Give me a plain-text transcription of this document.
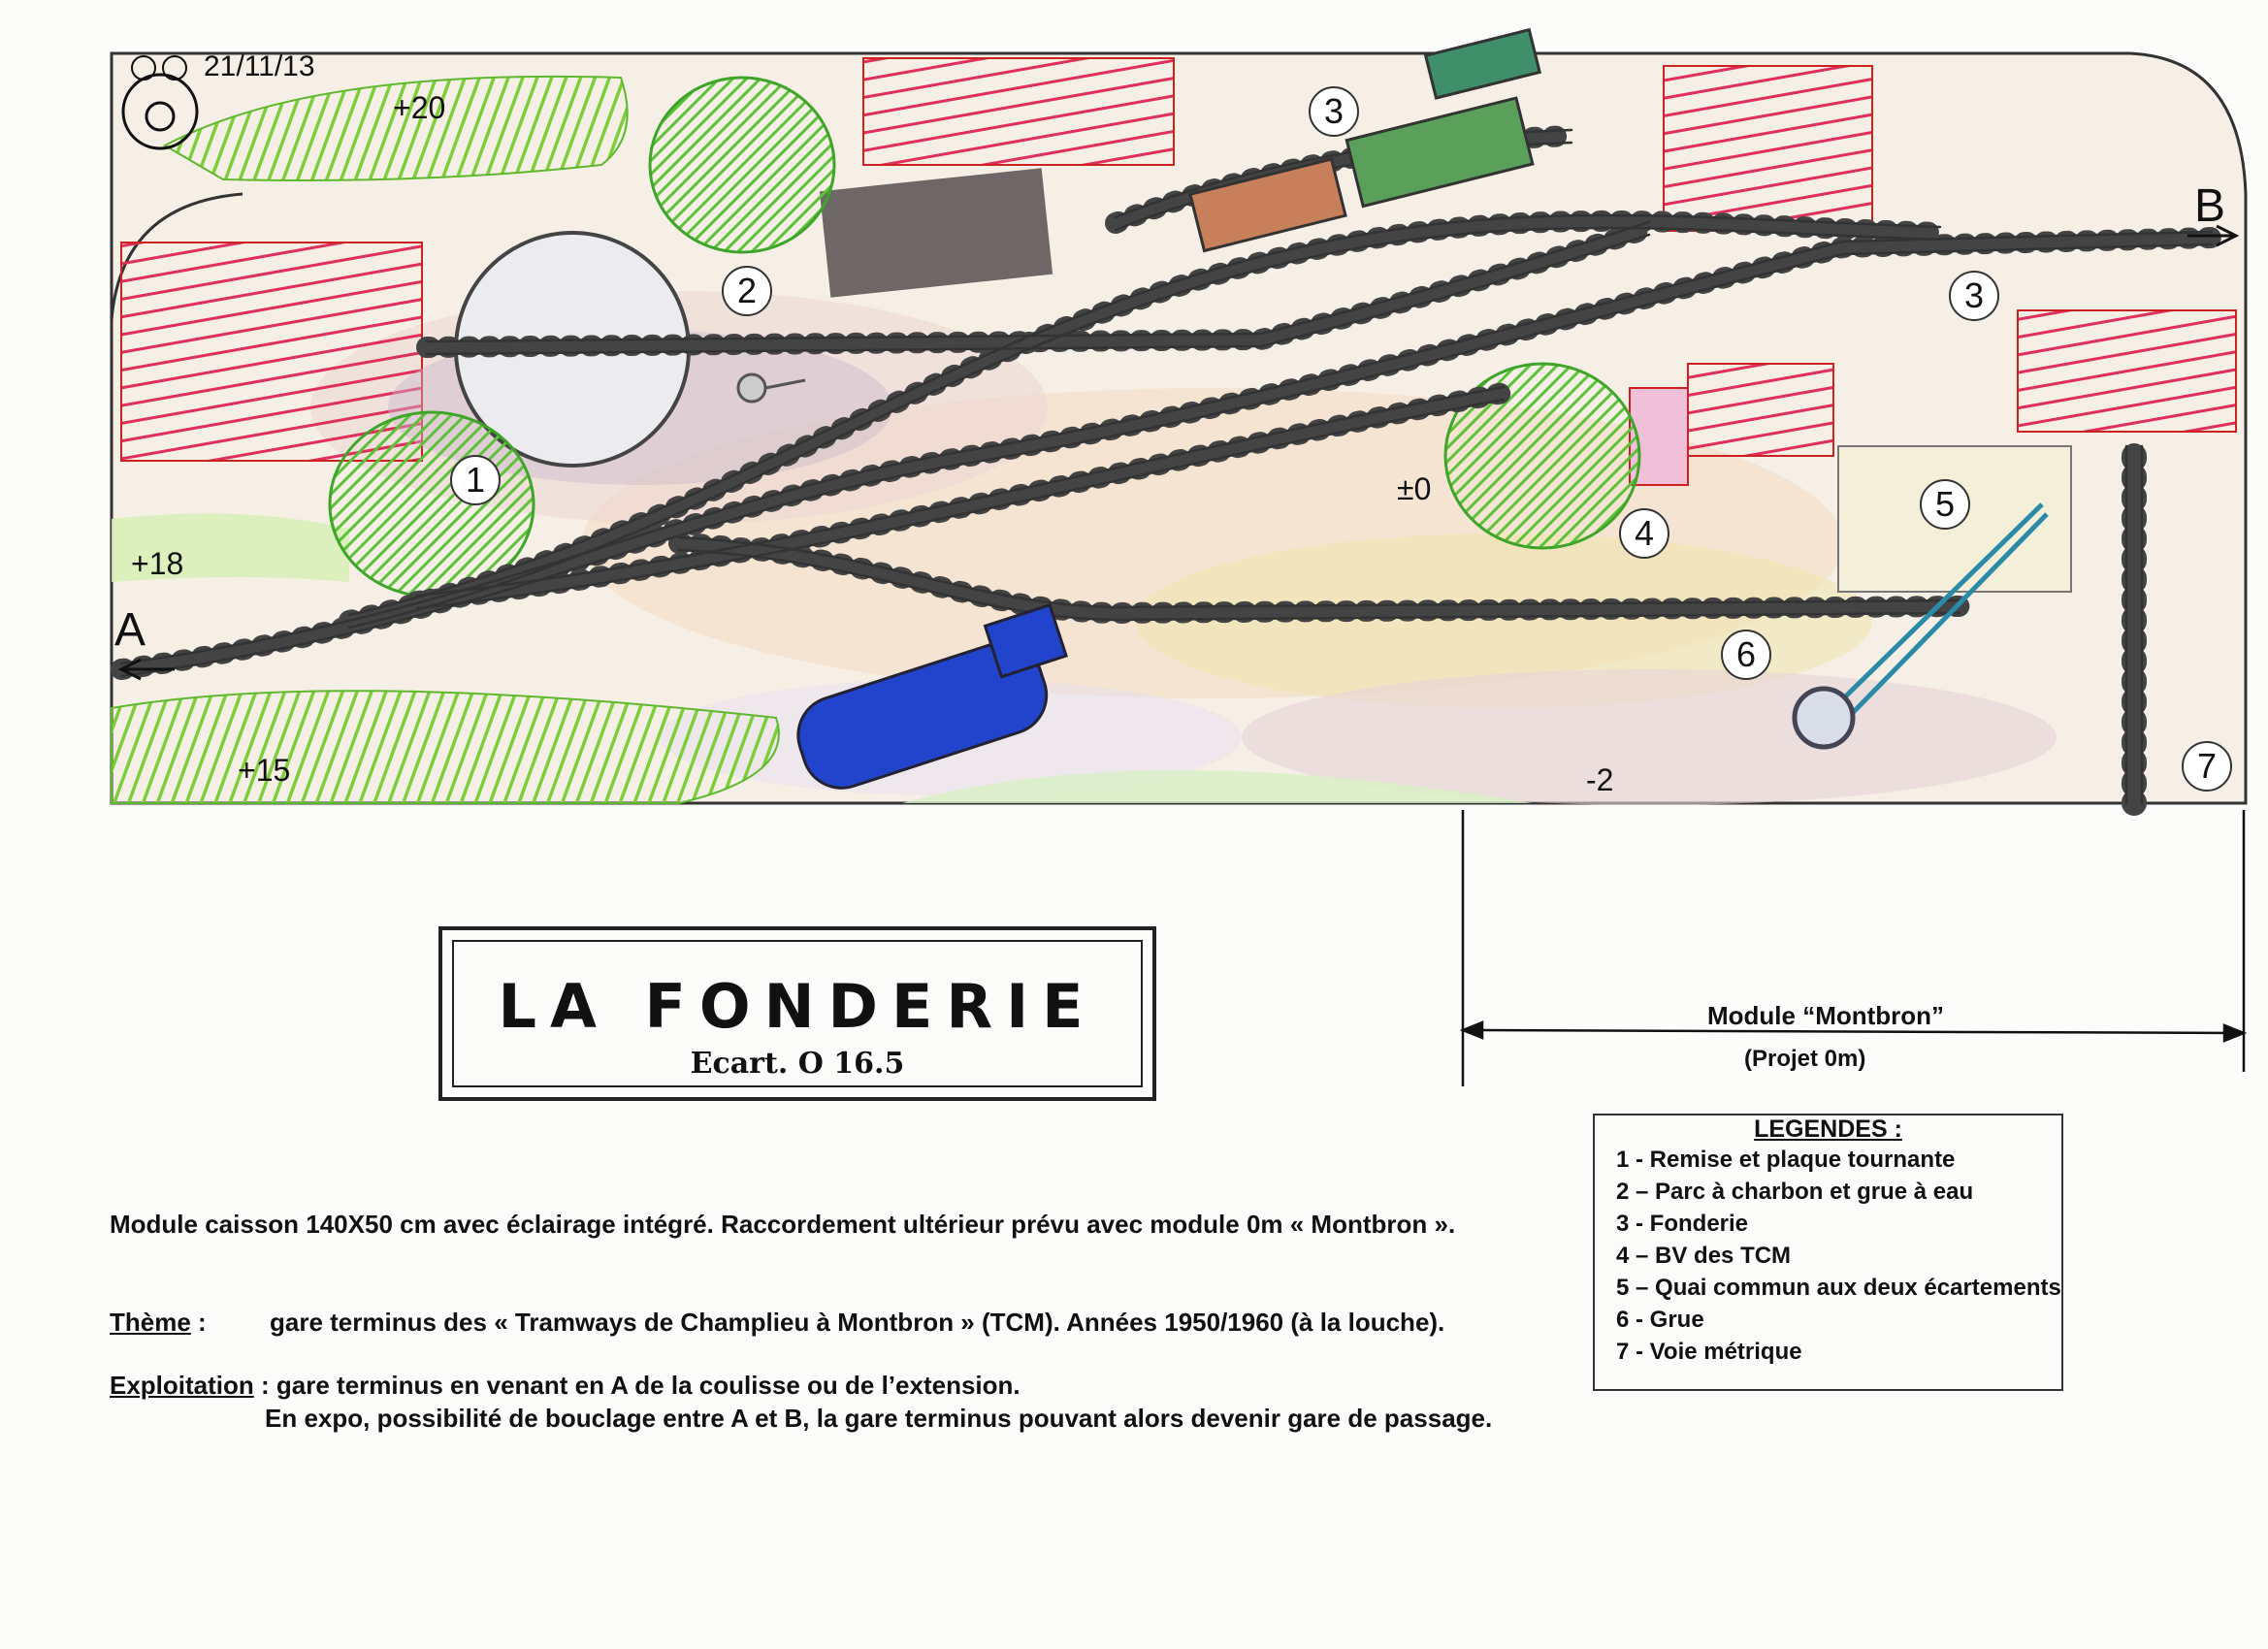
1
2
3
3
4
5
6
7
+20
+18
+15
±0
-2
A
B
21/11/13
LA FONDERIE
Ecart. O 16.5
Module “Montbron”
(Projet 0m)
LEGENDES :
1 - Remise et plaque tournante
2 – Parc à charbon et grue à eau
3 - Fonderie
4 – BV des TCM
5 – Quai commun aux deux écartements
6 - Grue
7 - Voie métrique
Module caisson 140X50 cm avec éclairage intégré. Raccordement ultérieur prévu avec module 0m « Montbron ».
Thème :	gare terminus des « Tramways de Champlieu à Montbron » (TCM). Années 1950/1960 (à la louche).
Exploitation : gare terminus en venant en A de la coulisse ou de l’extension.
En expo, possibilité de bouclage entre A et B, la gare terminus pouvant alors devenir gare de passage.
